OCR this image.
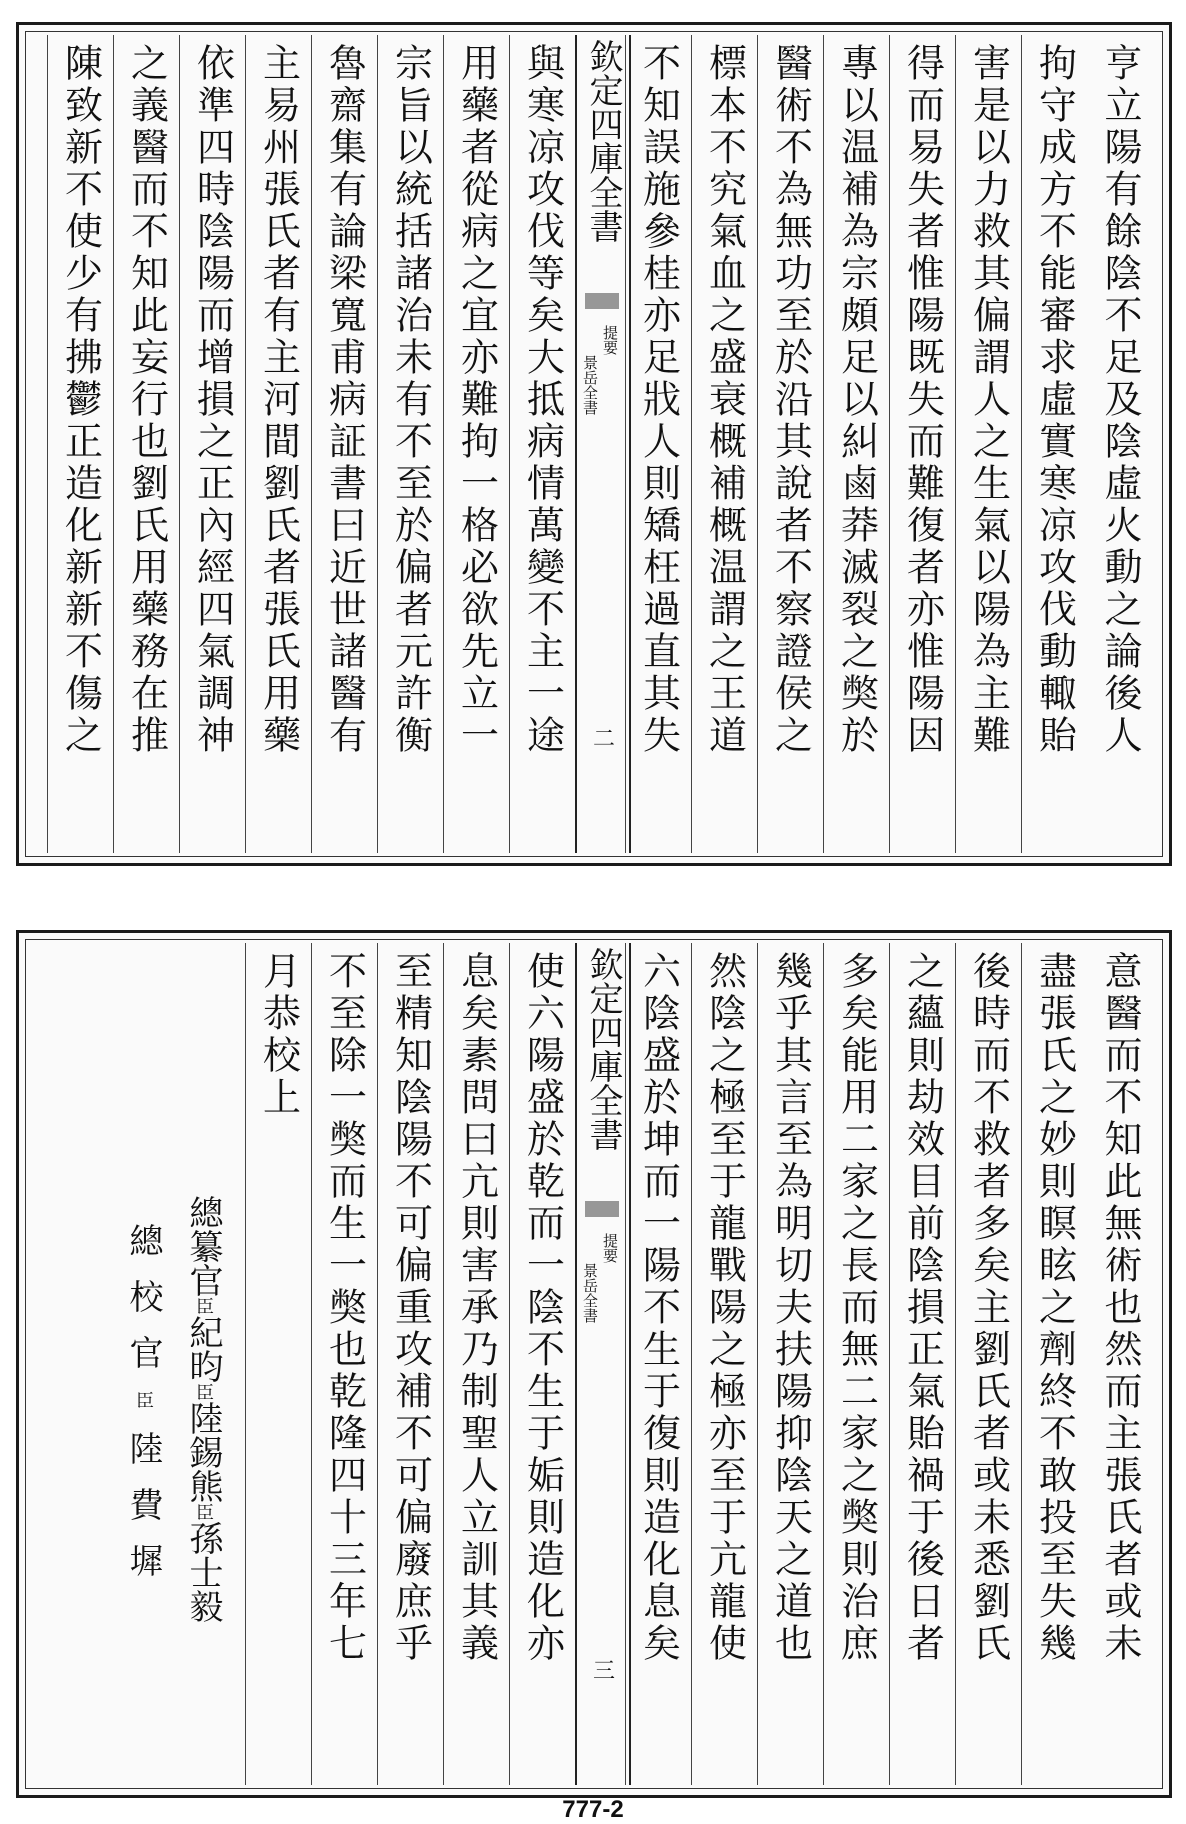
亨立陽有餘陰不足及陰虛火動之論後人
拘守成方不能審求虛實寒凉攻伐動輙貽
害是以力救其偏謂人之生氣以陽為主難
得而易失者惟陽既失而難復者亦惟陽因
專以温補為宗頗足以糾鹵莽滅裂之獘於
醫術不為無功至於沿其說者不察證侯之
標本不究氣血之盛衰概補概温謂之王道
不知誤施參桂亦足戕人則矯枉過直其失
與寒凉攻伐等矣大抵病情萬變不主一途
用藥者從病之宜亦難拘一格必欲先立一
宗旨以統括諸治未有不至於偏者元許衡
魯齋集有論梁寬甫病証書曰近世諸醫有
主易州張氏者有主河間劉氏者張氏用藥
依準四時陰陽而增損之正內經四氣調神
之義醫而不知此妄行也劉氏用藥務在推
陳致新不使少有拂鬱正造化新新不傷之	欽定四庫全書
景岳全書
提要
二
意醫而不知此無術也然而主張氏者或未
盡張氏之妙則瞑眩之劑終不敢投至失幾
後時而不救者多矣主劉氏者或未悉劉氏
之蘊則劫效目前陰損正氣貽禍于後日者
多矣能用二家之長而無二家之獘則治庶
幾乎其言至為明切夫扶陽抑陰天之道也
然陰之極至于龍戰陽之極亦至于亢龍使
六陰盛於坤而一陽不生于復則造化息矣
使六陽盛於乾而一陰不生于姤則造化亦
息矣素問曰亢則害承乃制聖人立訓其義
至精知陰陽不可偏重攻補不可偏廢庶乎
不至除一獘而生一獘也乾隆四十三年七
月恭校上	欽定四庫全書
景岳全書
提要
三
總纂官臣紀昀臣陸錫熊臣孫士毅
總校官臣陸費墀
777-2
